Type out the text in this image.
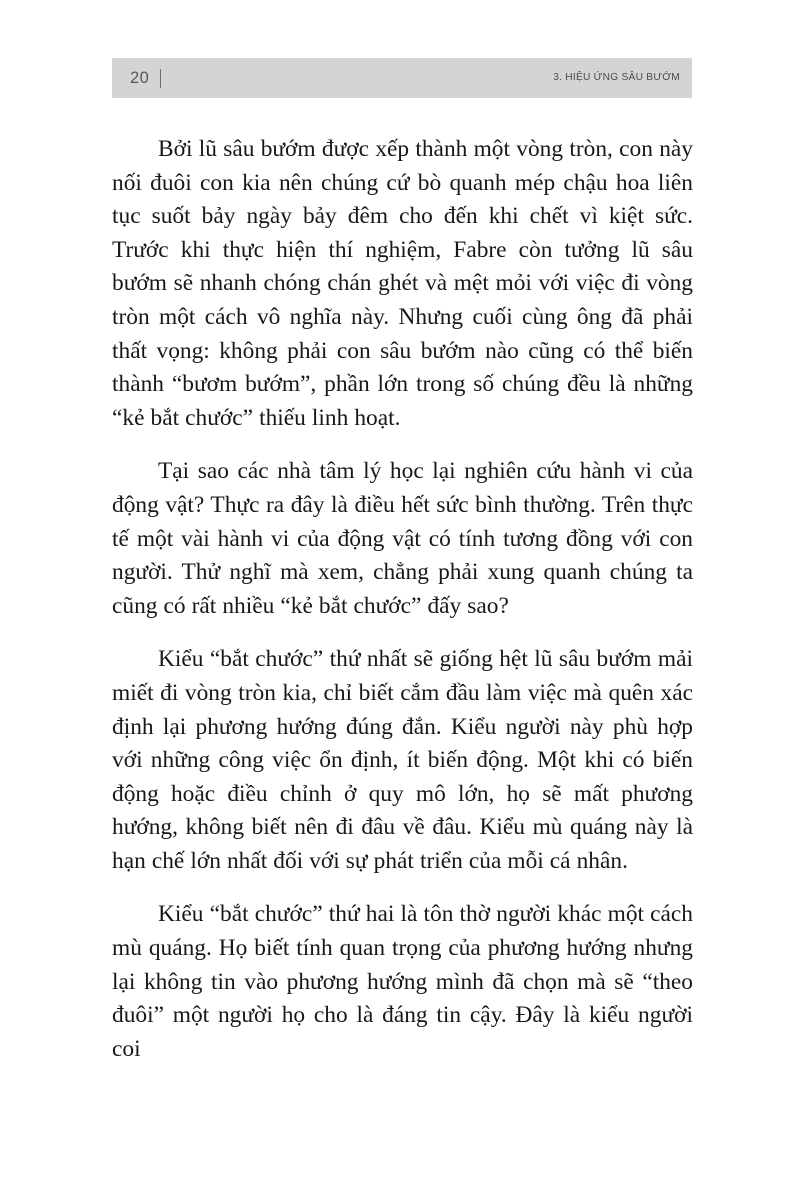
20	3. HIỆU ỨNG SÂU BƯỚM

Bởi lũ sâu bướm được xếp thành một vòng tròn, con này nối đuôi con kia nên chúng cứ bò quanh mép chậu hoa liên tục suốt bảy ngày bảy đêm cho đến khi chết vì kiệt sức. Trước khi thực hiện thí nghiệm, Fabre còn tưởng lũ sâu bướm sẽ nhanh chóng chán ghét và mệt mỏi với việc đi vòng tròn một cách vô nghĩa này. Nhưng cuối cùng ông đã phải thất vọng: không phải con sâu bướm nào cũng có thể biến thành “bươm bướm”, phần lớn trong số chúng đều là những “kẻ bắt chước” thiếu linh hoạt.

Tại sao các nhà tâm lý học lại nghiên cứu hành vi của động vật? Thực ra đây là điều hết sức bình thường. Trên thực tế một vài hành vi của động vật có tính tương đồng với con người. Thử nghĩ mà xem, chẳng phải xung quanh chúng ta cũng có rất nhiều “kẻ bắt chước” đấy sao?

Kiểu “bắt chước” thứ nhất sẽ giống hệt lũ sâu bướm mải miết đi vòng tròn kia, chỉ biết cắm đầu làm việc mà quên xác định lại phương hướng đúng đắn. Kiểu người này phù hợp với những công việc ổn định, ít biến động. Một khi có biến động hoặc điều chỉnh ở quy mô lớn, họ sẽ mất phương hướng, không biết nên đi đâu về đâu. Kiểu mù quáng này là hạn chế lớn nhất đối với sự phát triển của mỗi cá nhân.

Kiểu “bắt chước” thứ hai là tôn thờ người khác một cách mù quáng. Họ biết tính quan trọng của phương hướng nhưng lại không tin vào phương hướng mình đã chọn mà sẽ “theo đuôi” một người họ cho là đáng tin cậy. Đây là kiểu người coi
